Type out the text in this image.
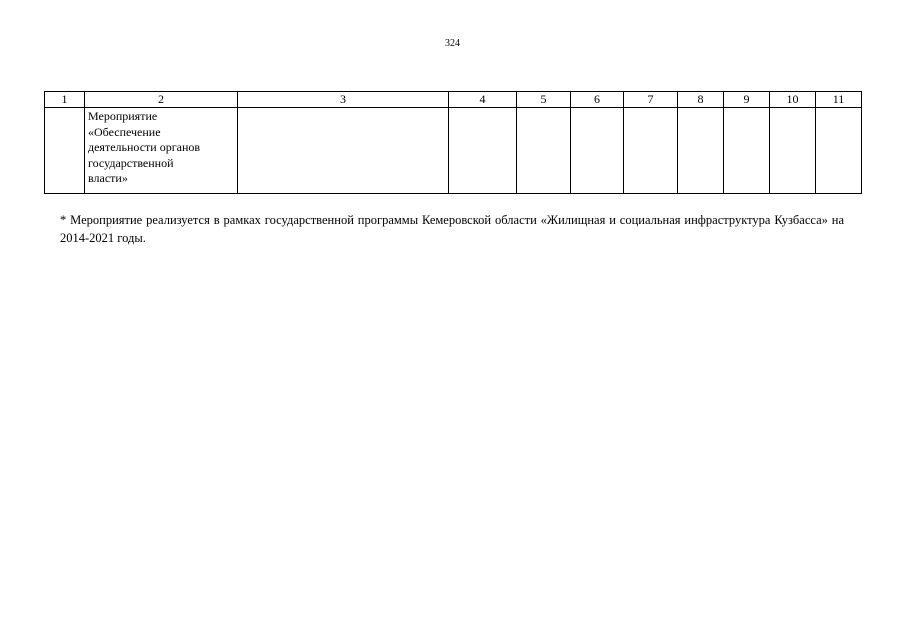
324
1	2	3	4	5	6	7	8	9	10	11

	Мероприятие
«Обеспечение
деятельности органов
государственной
власти»									

* Мероприятие реализуется в рамках государственной программы Кемеровской области «Жилищная и социальная инфраструктура Кузбасса» на 2014-2021 годы.
